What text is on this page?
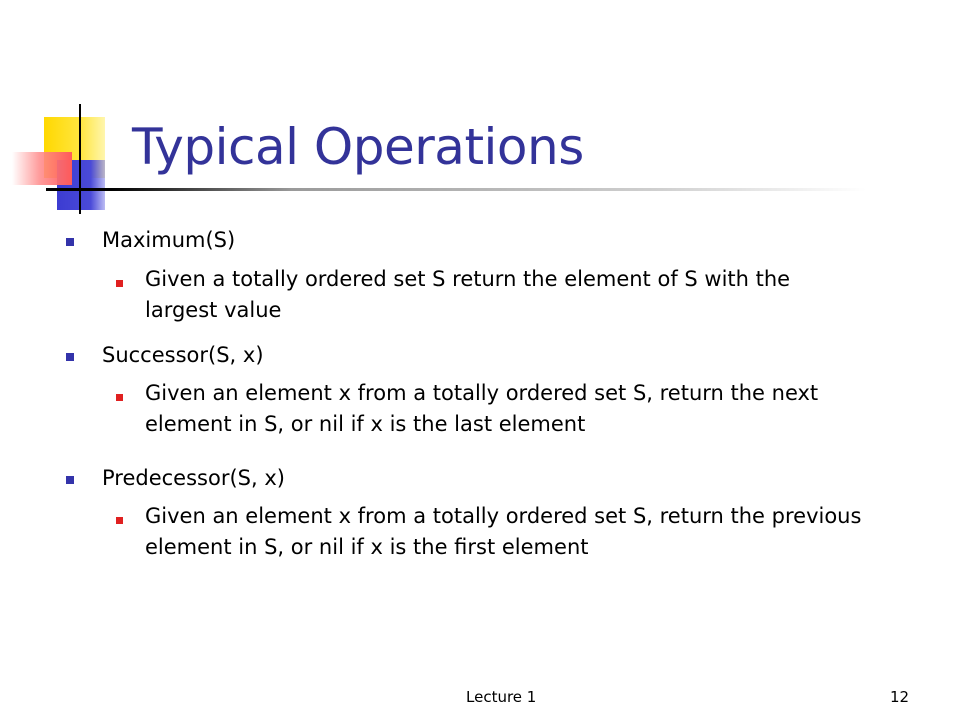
Typical Operations
Maximum(S)
Given a totally ordered set S return the element of S with the largest value
Successor(S, x)
Given an element x from a totally ordered set S, return the next element in S, or nil if x is the last element
Predecessor(S, x)
Given an element x from a totally ordered set S, return the previous element in S, or nil if x is the first element
Lecture 1	12
